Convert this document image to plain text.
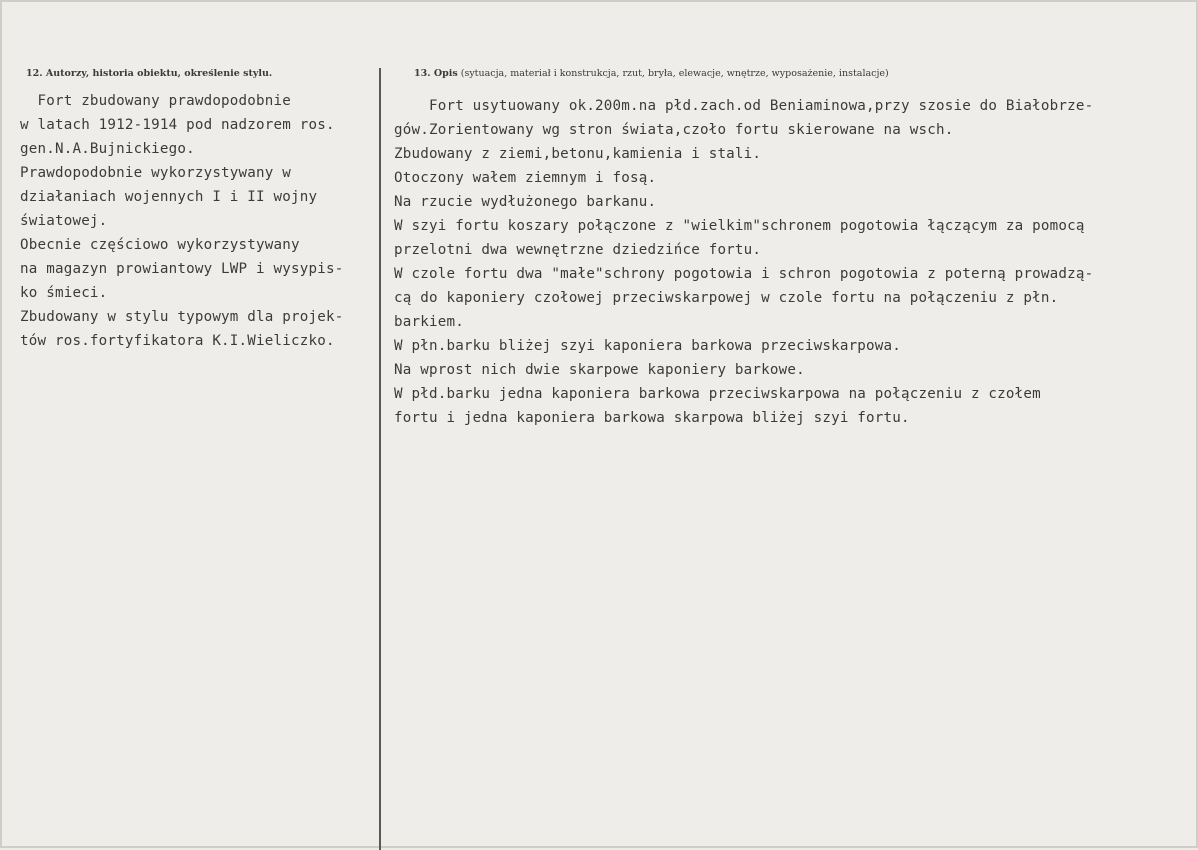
12. Autorzy, historia obiektu, określenie stylu.	13. Opis (sytuacja, materiał i konstrukcja, rzut, bryła, elewacje, wnętrze, wyposażenie, instalacje)
Fort zbudowany prawdopodobnie
w latach 1912-1914 pod nadzorem ros.
gen.N.A.Bujnickiego.
Prawdopodobnie wykorzystywany w
działaniach wojennych I i II wojny
światowej.
Obecnie częściowo wykorzystywany
na magazyn prowiantowy LWP i wysypis-
ko śmieci.
Zbudowany w stylu typowym dla projek-
tów ros.fortyfikatora K.I.Wieliczko.
Fort usytuowany ok.200m.na płd.zach.od Beniaminowa,przy szosie do Białobrze-
gów.Zorientowany wg stron świata,czoło fortu skierowane na wsch.
Zbudowany z ziemi,betonu,kamienia i stali.
Otoczony wałem ziemnym i fosą.
Na rzucie wydłużonego barkanu.
W szyi fortu koszary połączone z "wielkim"schronem pogotowia łączącym za pomocą
przelotni dwa wewnętrzne dziedzińce fortu.
W czole fortu dwa "małe"schrony pogotowia i schron pogotowia z poterną prowadzą-
cą do kaponiery czołowej przeciwskarpowej w czole fortu na połączeniu z płn.
barkiem.
W płn.barku bliżej szyi kaponiera barkowa przeciwskarpowa.
Na wprost nich dwie skarpowe kaponiery barkowe.
W płd.barku jedna kaponiera barkowa przeciwskarpowa na połączeniu z czołem
fortu i jedna kaponiera barkowa skarpowa bliżej szyi fortu.
